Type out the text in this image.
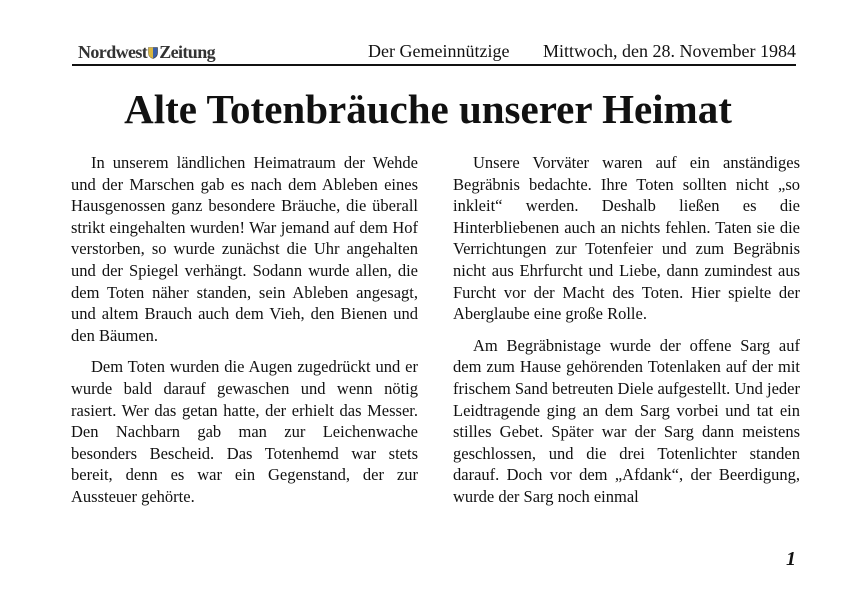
Nordwest Zeitung	Der Gemeinnützige Mittwoch, den 28. November 1984
Alte Totenbräuche unserer Heimat

In unserem ländlichen Heimatraum der Wehde und der Marschen gab es nach dem Ableben eines Hausgenossen ganz besondere Bräuche, die überall strikt eingehalten wurden! War jemand auf dem Hof verstorben, so wurde zunächst die Uhr angehalten und der Spiegel verhängt. Sodann wurde allen, die dem Toten näher standen, sein Ableben angesagt, und altem Brauch auch dem Vieh, den Bienen und den Bäumen.

Dem Toten wurden die Augen zugedrückt und er wurde bald darauf gewaschen und wenn nötig rasiert. Wer das getan hatte, der erhielt das Messer. Den Nachbarn gab man zur Leichenwache besonders Bescheid. Das Totenhemd war stets bereit, denn es war ein Gegenstand, der zur Aussteuer gehörte.

Unsere Vorväter waren auf ein anständiges Begräbnis bedachte. Ihre Toten sollten nicht „so inkleit“ werden. Deshalb ließen es die Hinterbliebenen auch an nichts fehlen. Taten sie die Verrichtungen zur Totenfeier und zum Begräbnis nicht aus Ehrfurcht und Liebe, dann zumindest aus Furcht vor der Macht des Toten. Hier spielte der Aberglaube eine große Rolle.

Am Begräbnistage wurde der offene Sarg auf dem zum Hause gehörenden Totenlaken auf der mit frischem Sand betreuten Diele aufgestellt. Und jeder Leidtragende ging an dem Sarg vorbei und tat ein stilles Gebet. Später war der Sarg dann meistens geschlossen, und die drei Totenlichter standen darauf. Doch vor dem „Afdank“, der Beerdigung, wurde der Sarg noch einmal

1
